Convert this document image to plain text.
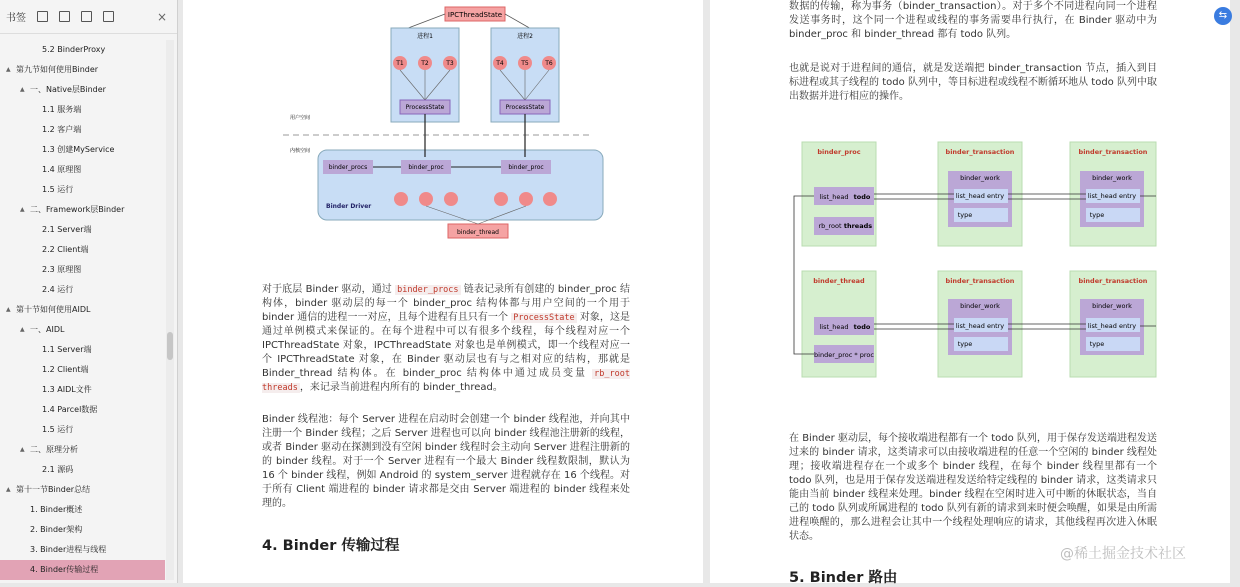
书签	×
5.2 BinderProxy
▲ 第九节如何使用Binder
▲ 一、Native层Binder
1.1 服务端
1.2 客户端
1.3 创建MyService
1.4 原理图
1.5 运行
▲ 二、Framework层Binder
2.1 Server端
2.2 Client端
2.3 原理图
2.4 运行
▲ 第十节如何使用AIDL
▲ 一、AIDL
1.1 Server端
1.2 Client端
1.3 AIDL文件
1.4 Parcel数据
1.5 运行
▲ 二、原理分析
2.1 源码
▲ 第十一节Binder总结
1. Binder概述
2. Binder架构
3. Binder进程与线程
4. Binder传输过程
IPCThreadState
进程1	进程2
T1	T2	T3	T4	T5	T6
ProcessState	ProcessState
用户空间
内核空间
binder_procs	binder_proc	binder_proc
Binder Driver
binder_thread
对于底层 Binder 驱动，通过 binder_procs 链表记录所有创建的 binder_proc 结构体，binder 驱动层的每一个 binder_proc 结构体都与用户空间的一个用于 binder 通信的进程一一对应，且每个进程有且只有一个 ProcessState 对象，这是通过单例模式来保证的。在每个进程中可以有很多个线程，每个线程对应一个 IPCThreadState 对象，IPCThreadState 对象也是单例模式，即一个线程对应一个 IPCThreadState 对象，在 Binder 驱动层也有与之相对应的结构，那就是 Binder_thread 结构体。在 binder_proc 结构体中通过成员变量 rb_root threads ，来记录当前进程内所有的 binder_thread。
Binder 线程池：每个 Server 进程在启动时会创建一个 binder 线程池，并向其中注册一个 Binder 线程；之后 Server 进程也可以向 binder 线程池注册新的线程，或者 Binder 驱动在探测到没有空闲 binder 线程时会主动向 Server 进程注册新的的 binder 线程。对于一个 Server 进程有一个最大 Binder 线程数限制，默认为 16 个 binder 线程，例如 Android 的 system_server 进程就存在 16 个线程。对于所有 Client 端进程的 binder 请求都是交由 Server 端进程的 binder 线程来处理的。
4. Binder 传输过程
数据的传输，称为事务（binder_transaction）。对于多个不同进程向同一个进程发送事务时，这个同一个进程或线程的事务需要串行执行，在 Binder 驱动中为 binder_proc 和 binder_thread 都有 todo 队列。
也就是说对于进程间的通信，就是发送端把 binder_transaction 节点，插入到目标进程或其子线程的 todo 队列中，等目标进程或线程不断循环地从 todo 队列中取出数据并进行相应的操作。
binder_proc
list_head todo
rb_root threads
binder_transaction
binder_work
list_head entry
type
binder_transaction
binder_work
list_head entry
type
binder_thread
list_head todo
binder_proc * proc
binder_transaction
binder_work
list_head entry
type
binder_transaction
binder_work
list_head entry
type
在 Binder 驱动层，每个接收端进程都有一个 todo 队列，用于保存发送端进程发送过来的 binder 请求，这类请求可以由接收端进程的任意一个空闲的 binder 线程处理；接收端进程存在一个或多个 binder 线程，在每个 binder 线程里都有一个 todo 队列，也是用于保存发送端进程发送给特定线程的 binder 请求，这类请求只能由当前 binder 线程来处理。binder 线程在空闲时进入可中断的休眠状态，当自己的 todo 队列或所属进程的 todo 队列有新的请求到来时便会唤醒，如果是由所需进程唤醒的，那么进程会让其中一个线程处理响应的请求，其他线程再次进入休眠状态。
5. Binder 路由
⇆
@稀土掘金技术社区
